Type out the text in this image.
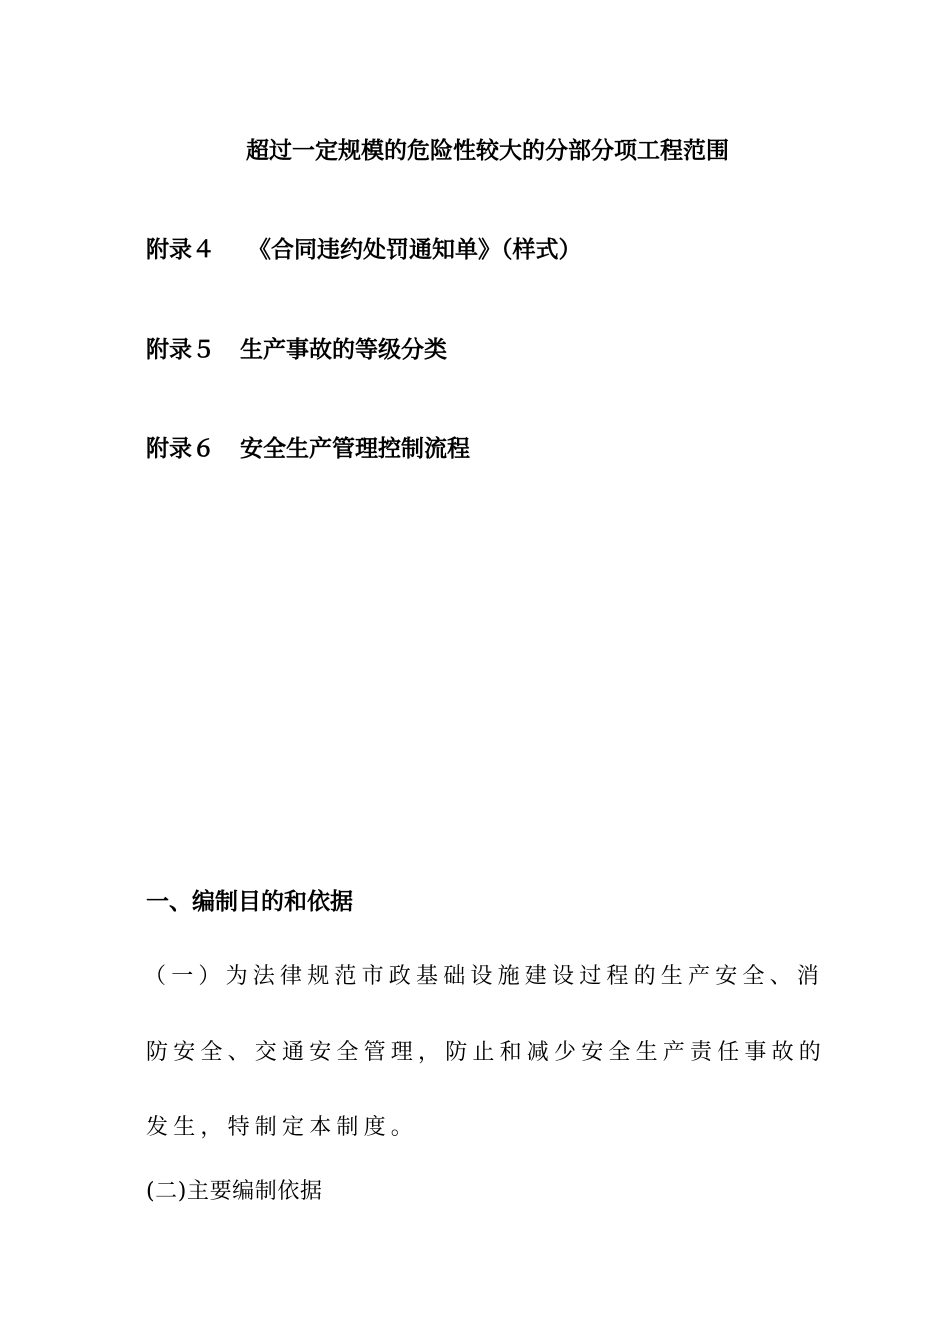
超过一定规模的危险性较大的分部分项工程范围
附录４ 《合同违约处罚通知单》（样式）
附录５ 生产事故的等级分类
附录６ 安全生产管理控制流程
一、编制目的和依据
（一）为法律规范市政基础设施建设过程的生产安全、消
防安全、交通安全管理，防止和减少安全生产责任事故的
发生，特制定本制度。
(二)主要编制依据
